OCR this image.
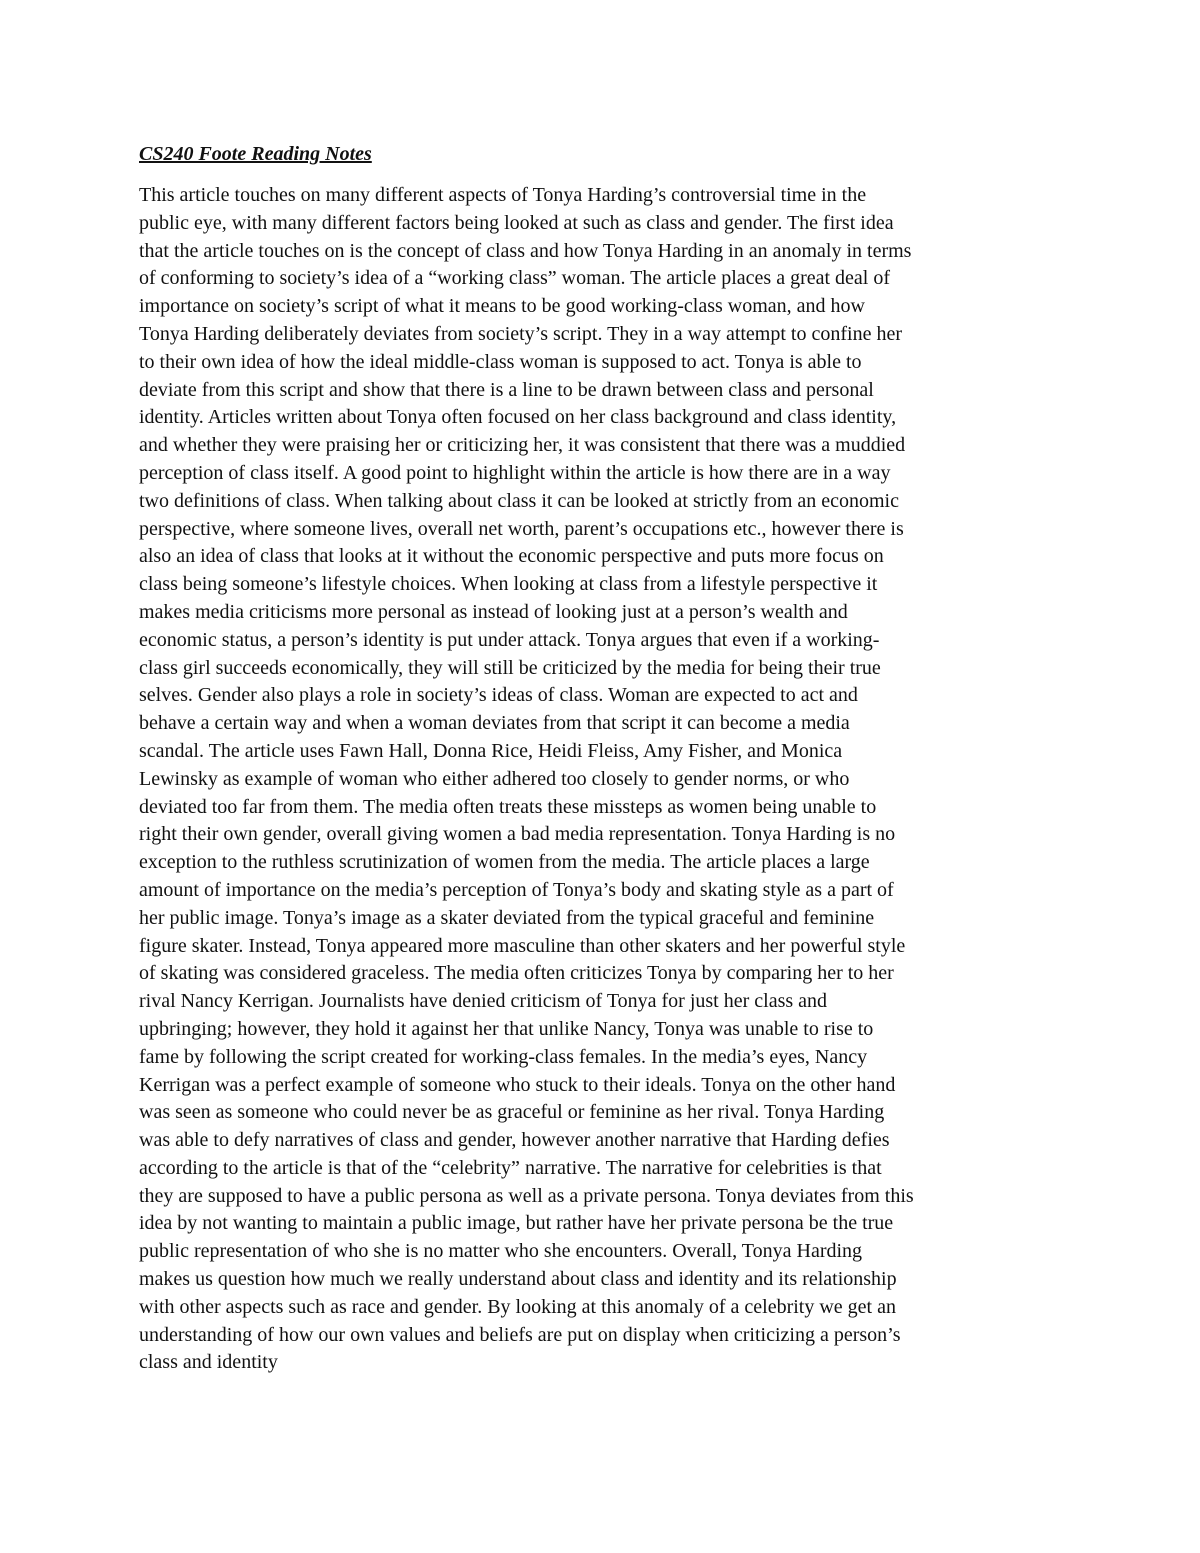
CS240 Foote Reading Notes

This article touches on many different aspects of Tonya Harding’s controversial time in the
public eye, with many different factors being looked at such as class and gender. The first idea
that the article touches on is the concept of class and how Tonya Harding in an anomaly in terms
of conforming to society’s idea of a “working class” woman. The article places a great deal of
importance on society’s script of what it means to be good working-class woman, and how
Tonya Harding deliberately deviates from society’s script. They in a way attempt to confine her
to their own idea of how the ideal middle-class woman is supposed to act. Tonya is able to
deviate from this script and show that there is a line to be drawn between class and personal
identity. Articles written about Tonya often focused on her class background and class identity,
and whether they were praising her or criticizing her, it was consistent that there was a muddied
perception of class itself. A good point to highlight within the article is how there are in a way
two definitions of class. When talking about class it can be looked at strictly from an economic
perspective, where someone lives, overall net worth, parent’s occupations etc., however there is
also an idea of class that looks at it without the economic perspective and puts more focus on
class being someone’s lifestyle choices. When looking at class from a lifestyle perspective it
makes media criticisms more personal as instead of looking just at a person’s wealth and
economic status, a person’s identity is put under attack. Tonya argues that even if a working-
class girl succeeds economically, they will still be criticized by the media for being their true
selves. Gender also plays a role in society’s ideas of class. Woman are expected to act and
behave a certain way and when a woman deviates from that script it can become a media
scandal. The article uses Fawn Hall, Donna Rice, Heidi Fleiss, Amy Fisher, and Monica
Lewinsky as example of woman who either adhered too closely to gender norms, or who
deviated too far from them. The media often treats these missteps as women being unable to
right their own gender, overall giving women a bad media representation. Tonya Harding is no
exception to the ruthless scrutinization of women from the media. The article places a large
amount of importance on the media’s perception of Tonya’s body and skating style as a part of
her public image. Tonya’s image as a skater deviated from the typical graceful and feminine
figure skater. Instead, Tonya appeared more masculine than other skaters and her powerful style
of skating was considered graceless. The media often criticizes Tonya by comparing her to her
rival Nancy Kerrigan. Journalists have denied criticism of Tonya for just her class and
upbringing; however, they hold it against her that unlike Nancy, Tonya was unable to rise to
fame by following the script created for working-class females. In the media’s eyes, Nancy
Kerrigan was a perfect example of someone who stuck to their ideals. Tonya on the other hand
was seen as someone who could never be as graceful or feminine as her rival. Tonya Harding
was able to defy narratives of class and gender, however another narrative that Harding defies
according to the article is that of the “celebrity” narrative. The narrative for celebrities is that
they are supposed to have a public persona as well as a private persona. Tonya deviates from this
idea by not wanting to maintain a public image, but rather have her private persona be the true
public representation of who she is no matter who she encounters. Overall, Tonya Harding
makes us question how much we really understand about class and identity and its relationship
with other aspects such as race and gender. By looking at this anomaly of a celebrity we get an
understanding of how our own values and beliefs are put on display when criticizing a person’s
class and identity
